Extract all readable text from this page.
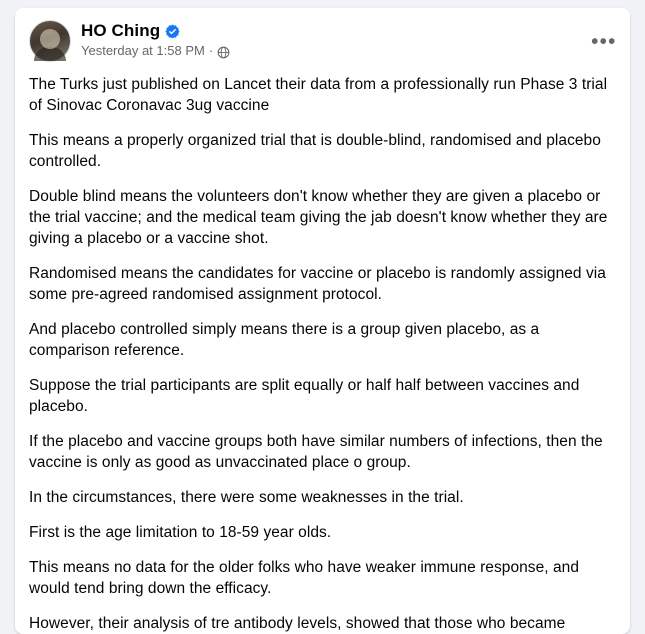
HO Ching
Yesterday at 1:58 PM ·	•••

The Turks just published on Lancet their data from a professionally run Phase 3 trial of Sinovac Coronavac 3ug vaccine

This means a properly organized trial that is double-blind, randomised and placebo controlled.

Double blind means the volunteers don't know whether they are given a placebo or the trial vaccine; and the medical team giving the jab doesn't know whether they are giving a placebo or a vaccine shot.

Randomised means the candidates for vaccine or placebo is randomly assigned via some pre-agreed randomised assignment protocol.

And placebo controlled simply means there is a group given placebo, as a comparison reference.

Suppose the trial participants are split equally or half half between vaccines and placebo.

If the placebo and vaccine groups both have similar numbers of infections, then the vaccine is only as good as unvaccinated place o group.

In the circumstances, there were some weaknesses in the trial.

First is the age limitation to 18-59 year olds.

This means no data for the older folks who have weaker immune response, and would tend bring down the efficacy.

However, their analysis of tre antibody levels, showed that those who became
